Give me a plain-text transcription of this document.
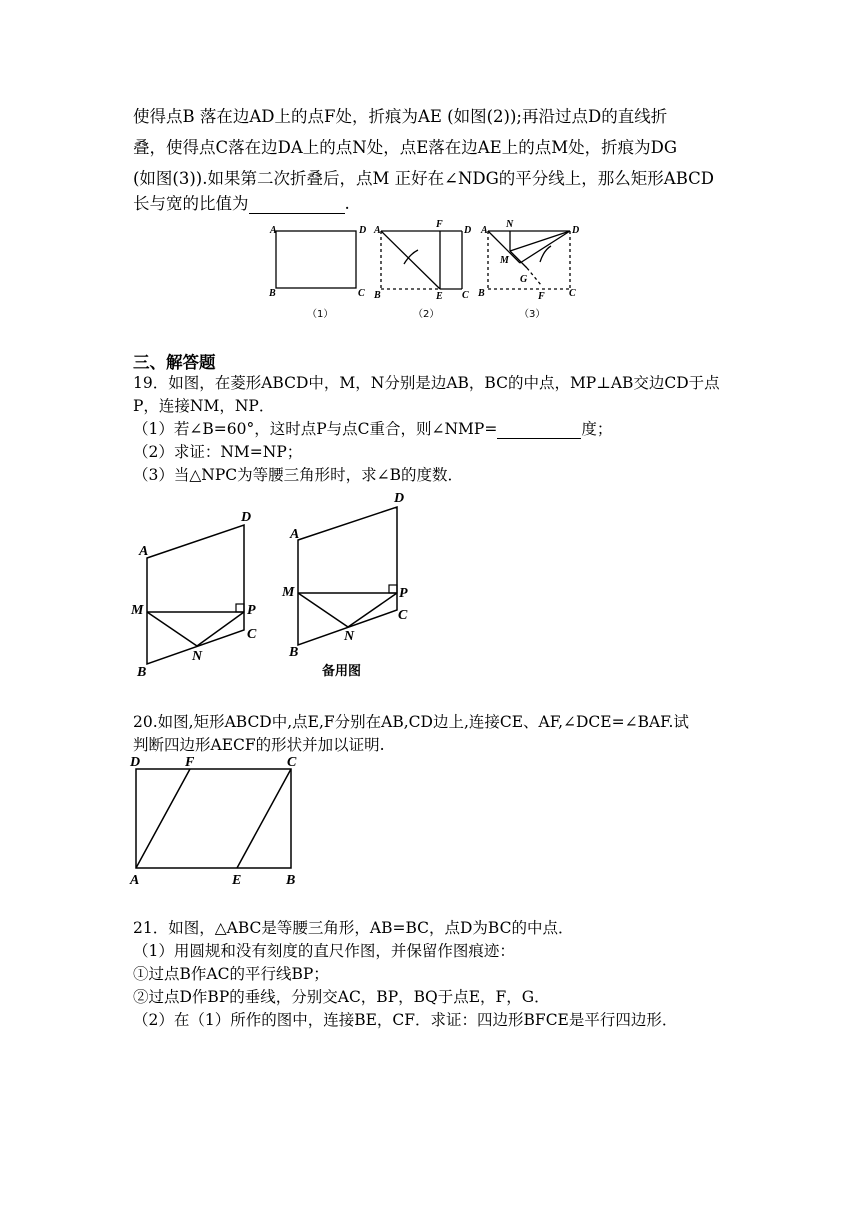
使得点B 落在边AD上的点F处，折痕为AE (如图(2));再沿过点D的直线折
叠，使得点C落在边DA上的点N处，点E落在边AE上的点M处，折痕为DG
(如图(3)).如果第二次折叠后，点M 正好在∠NDG的平分线上，那么矩形ABCD
长与宽的比值为	.
A	D
B	C
A
F
D
B	E C
A
N
D
M
G
B	F C
（1）	（2）	（3）
三、解答题
19．如图，在菱形ABCD中，M，N分别是边AB，BC的中点，MP⊥AB交边CD于点
P，连接NM，NP．
（1）若∠B=60°，这时点P与点C重合，则∠NMP=	度；
（2）求证：NM=NP；
（3）当△NPC为等腰三角形时，求∠B的度数．
A
D
M	P
C
N
B
A
D
M	P
C
N
B
备用图
20.如图,矩形ABCD中,点E,F分别在AB,CD边上,连接CE、AF,∠DCE=∠BAF.试
判断四边形AECF的形状并加以证明.
D	F	C
A	E	B
21．如图，△ABC是等腰三角形，AB=BC，点D为BC的中点．
（1）用圆规和没有刻度的直尺作图，并保留作图痕迹：
①过点B作AC的平行线BP；
②过点D作BP的垂线，分别交AC，BP，BQ于点E，F，G．
（2）在（1）所作的图中，连接BE，CF．求证：四边形BFCE是平行四边形．
